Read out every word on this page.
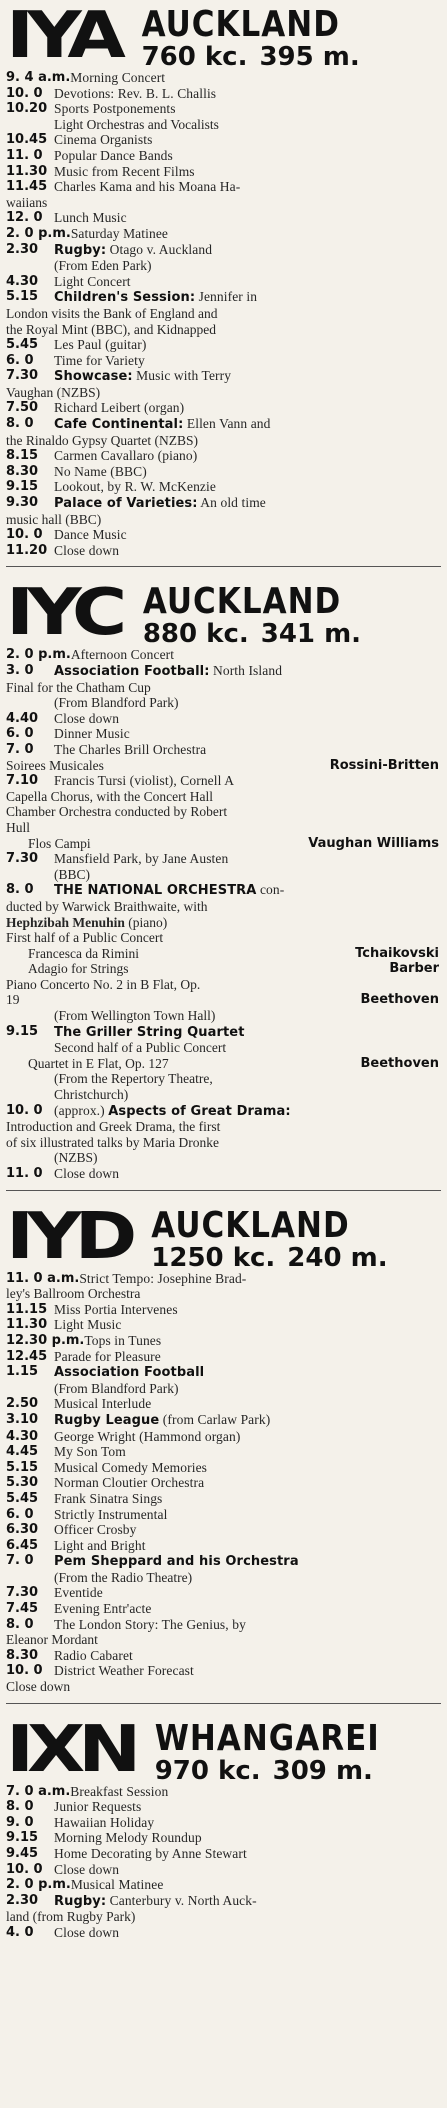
IYA AUCKLAND
760 kc. 395 m.
9. 4 a.m. Morning Concert
10. 0 Devotions: Rev. B. L. Challis
10.20 Sports Postponements
Light Orchestras and Vocalists
10.45 Cinema Organists
11. 0 Popular Dance Bands
11.30 Music from Recent Films
11.45 Charles Kama and his Moana Ha-
waiians
12. 0 Lunch Music
2. 0 p.m. Saturday Matinee
2.30	Rugby: Otago v. Auckland
(From Eden Park)
4.30	Light Concert
5.15	Children's Session: Jennifer in
London visits the Bank of England and
the Royal Mint (BBC), and Kidnapped
5.45	Les Paul (guitar)
6. 0	Time for Variety
7.30	Showcase: Music with Terry
Vaughan (NZBS)
7.50	Richard Leibert (organ)
8. 0	Cafe Continental: Ellen Vann and
the Rinaldo Gypsy Quartet (NZBS)
8.15	Carmen Cavallaro (piano)
8.30	No Name (BBC)
9.15	Lookout, by R. W. McKenzie
9.30	Palace of Varieties: An old time
music hall (BBC)
10. 0 Dance Music
11.20 Close down
IYC AUCKLAND
880 kc. 341 m.
2. 0 p.m. Afternoon Concert
3. 0	Association Football: North Island
Final for the Chatham Cup
(From Blandford Park)
4.40	Close down
6. 0	Dinner Music
7. 0	The Charles Brill Orchestra
Soirees Musicales	Rossini-Britten
7.10	Francis Tursi (violist), Cornell A
Capella Chorus, with the Concert Hall
Chamber Orchestra conducted by Robert
Hull
Flos Campi	Vaughan Williams
7.30	Mansfield Park, by Jane Austen
(BBC)
8. 0	THE NATIONAL ORCHESTRA con-
ducted by Warwick Braithwaite, with
Hephzibah Menuhin (piano)
First half of a Public Concert
Francesca da Rimini	Tchaikovski
Adagio for Strings	Barber
Piano Concerto No. 2 in B Flat, Op.
19	Beethoven
(From Wellington Town Hall)
9.15	The Griller String Quartet
Second half of a Public Concert
Quartet in E Flat, Op. 127	Beethoven
(From the Repertory Theatre,
Christchurch)
10. 0 (approx.) Aspects of Great Drama:
Introduction and Greek Drama, the first
of six illustrated talks by Maria Dronke
(NZBS)
11. 0 Close down
IYD AUCKLAND
1250 kc. 240 m.
11. 0 a.m. Strict Tempo: Josephine Brad-
ley's Ballroom Orchestra
11.15 Miss Portia Intervenes
11.30 Light Music
12.30 p.m. Tops in Tunes
12.45 Parade for Pleasure
1.15	Association Football
(From Blandford Park)
2.50	Musical Interlude
3.10	Rugby League (from Carlaw Park)
4.30	George Wright (Hammond organ)
4.45	My Son Tom
5.15	Musical Comedy Memories
5.30	Norman Cloutier Orchestra
5.45	Frank Sinatra Sings
6. 0	Strictly Instrumental
6.30	Officer Crosby
6.45	Light and Bright
7. 0	Pem Sheppard and his Orchestra
(From the Radio Theatre)
7.30	Eventide
7.45	Evening Entr'acte
8. 0	The London Story: The Genius, by
Eleanor Mordant
8.30	Radio Cabaret
10. 0 District Weather Forecast
Close down
IXN WHANGAREI
970 kc. 309 m.
7. 0 a.m. Breakfast Session
8. 0	Junior Requests
9. 0	Hawaiian Holiday
9.15	Morning Melody Roundup
9.45	Home Decorating by Anne Stewart
10. 0 Close down
2. 0 p.m. Musical Matinee
2.30	Rugby: Canterbury v. North Auck-
land (from Rugby Park)
4. 0	Close down
